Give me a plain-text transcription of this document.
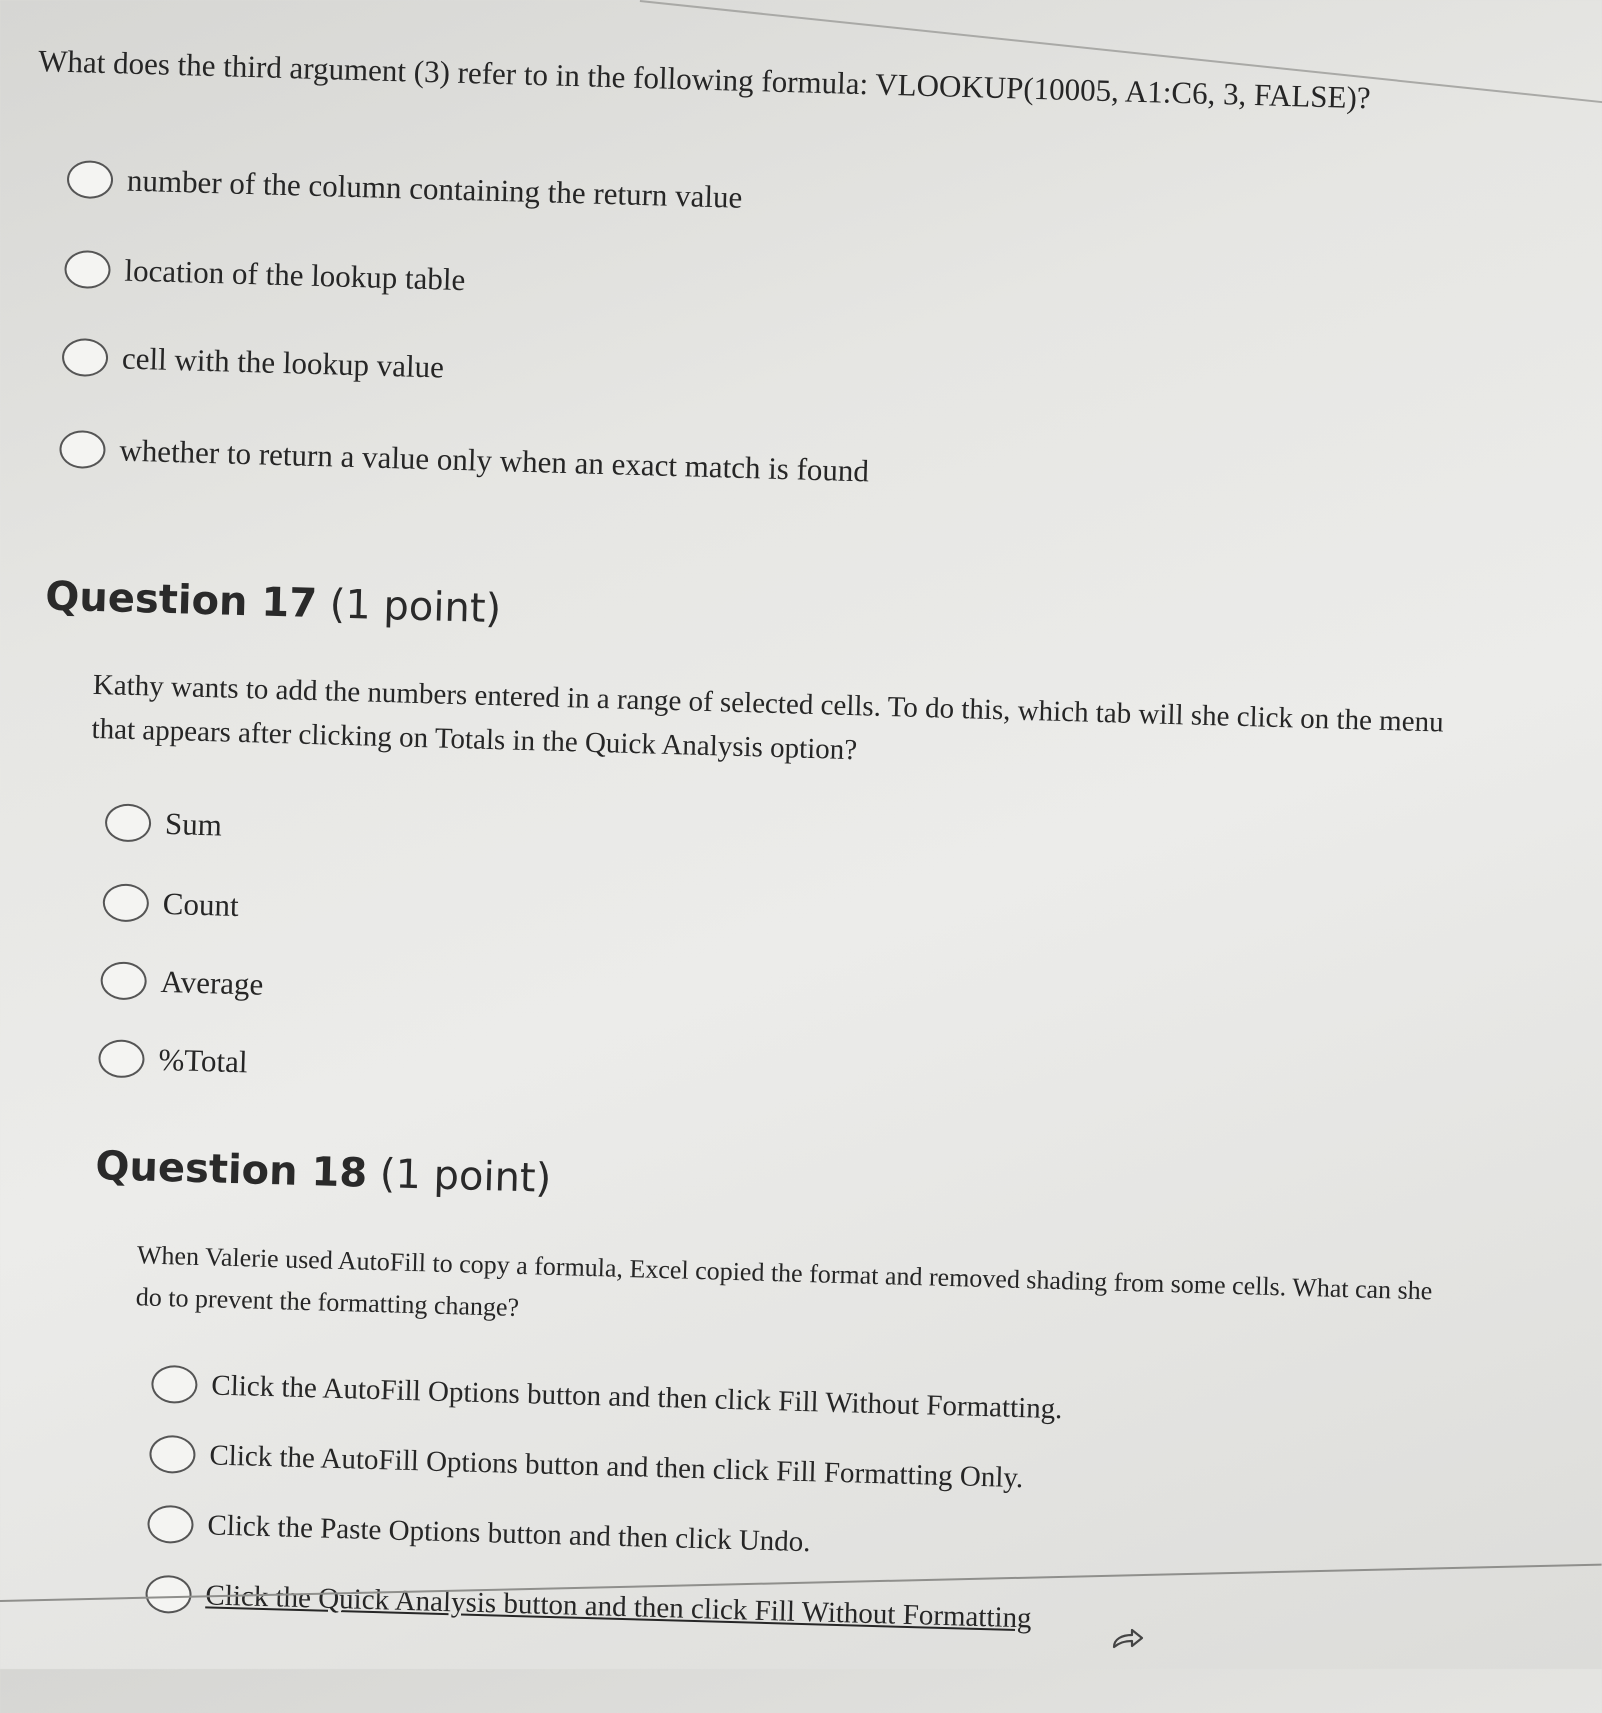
What does the third argument (3) refer to in the following formula: VLOOKUP(10005, A1:C6, 3, FALSE)?

number of the column containing the return value
location of the lookup table
cell with the lookup value
whether to return a value only when an exact match is found
Question 17 (1 point)

Kathy wants to add the numbers entered in a range of selected cells. To do this, which tab will she click on the menu that appears after clicking on Totals in the Quick Analysis option?

Sum
Count
Average
%Total
Question 18 (1 point)

When Valerie used AutoFill to copy a formula, Excel copied the format and removed shading from some cells. What can she do to prevent the formatting change?

Click the AutoFill Options button and then click Fill Without Formatting.
Click the AutoFill Options button and then click Fill Formatting Only.
Click the Paste Options button and then click Undo.
Click the Quick Analysis button and then click Fill Without Formatting
